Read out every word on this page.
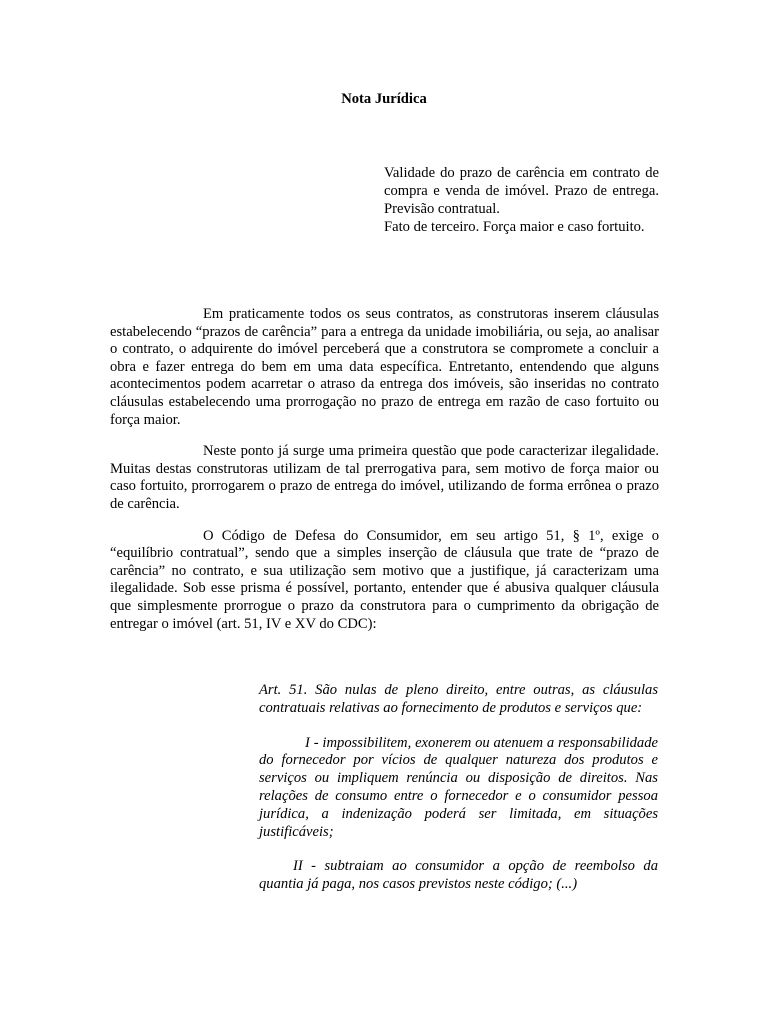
Nota Jurídica

Validade do prazo de carência em contrato de compra e venda de imóvel. Prazo de entrega. Previsão contratual.

Fato de terceiro. Força maior e caso fortuito.

Em praticamente todos os seus contratos, as construtoras inserem cláusulas estabelecendo “prazos de carência” para a entrega da unidade imobiliária, ou seja, ao analisar o contrato, o adquirente do imóvel perceberá que a construtora se compromete a concluir a obra e fazer entrega do bem em uma data específica. Entretanto, entendendo que alguns acontecimentos podem acarretar o atraso da entrega dos imóveis, são inseridas no contrato cláusulas estabelecendo uma prorrogação no prazo de entrega em razão de caso fortuito ou força maior.

Neste ponto já surge uma primeira questão que pode caracterizar ilegalidade. Muitas destas construtoras utilizam de tal prerrogativa para, sem motivo de força maior ou caso fortuito, prorrogarem o prazo de entrega do imóvel, utilizando de forma errônea o prazo de carência.

O Código de Defesa do Consumidor, em seu artigo 51, § 1º, exige o “equilíbrio contratual”, sendo que a simples inserção de cláusula que trate de “prazo de carência” no contrato, e sua utilização sem motivo que a justifique, já caracterizam uma ilegalidade. Sob esse prisma é possível, portanto, entender que é abusiva qualquer cláusula que simplesmente prorrogue o prazo da construtora para o cumprimento da obrigação de entregar o imóvel (art. 51, IV e XV do CDC):

Art. 51. São nulas de pleno direito, entre outras, as cláusulas contratuais relativas ao fornecimento de produtos e serviços que:

I - impossibilitem, exonerem ou atenuem a responsabilidade do fornecedor por vícios de qualquer natureza dos produtos e serviços ou impliquem renúncia ou disposição de direitos. Nas relações de consumo entre o fornecedor e o consumidor pessoa jurídica, a indenização poderá ser limitada, em situações justificáveis;

II - subtraiam ao consumidor a opção de reembolso da quantia já paga, nos casos previstos neste código; (...)
